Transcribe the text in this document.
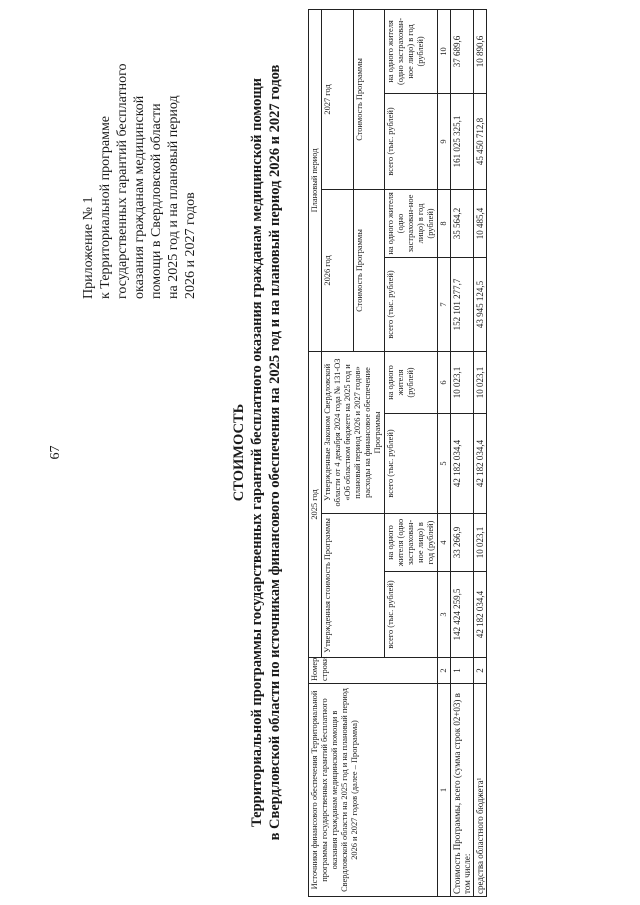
67
Приложение № 1 к Территориальной программе государственных гарантий бесплатного оказания гражданам медицинской помощи в Свердловской области на 2025 год и на плановый период 2026 и 2027 годов
СТОИМОСТЬ Территориальной программы государственных гарантий бесплатного оказания гражданам медицинской помощи в Свердловской области по источникам финансового обеспечения на 2025 год и на плановый период 2026 и 2027 годов	Источники финансового обеспечения Территориальной программы государственных гарантий бесплатного оказания гражданам медицинской помощи в Свердловской области на 2025 год и на плановый период 2026 и 2027 годов (далее – Программа)	Номер строки	2025 год				Плановый период			
		Утвержденная стоимость Программы		Утвержденные Законом Свердловской области от 4 декабря 2024 года № 131-ОЗ «Об областном бюджете на 2025 год и плановый период 2026 и 2027 годов» расходы на финансовое обеспечение Программы		2026 год		2027 год	
						Стоимость Программы		Стоимость Программы	
		всего (тыс. рублей)	на одного жителя (одно застрахован-ное лицо) в год (рублей)	всего (тыс. рублей)	на одного жителя (рублей)	всего (тыс. рублей)	на одного жителя (одно застрахован-ное лицо) в год (рублей)	всего (тыс. рублей)	на одного жителя (одно застрахован-ное лицо) в год (рублей)
1	2	3	4	5	6	7	8	9	10
Стоимость Программы, всего (сумма строк 02+03) в том числе:	1	142 424 259,5	33 266,9	42 182 034,4	10 023,1	152 101 277,7	35 564,2	161 025 325,1	37 689,6
средства областного бюджета¹	2	42 182 034,4	10 023,1	42 182 034,4	10 023,1	43 945 124,5	10 485,4	45 450 712,8	10 890,6
